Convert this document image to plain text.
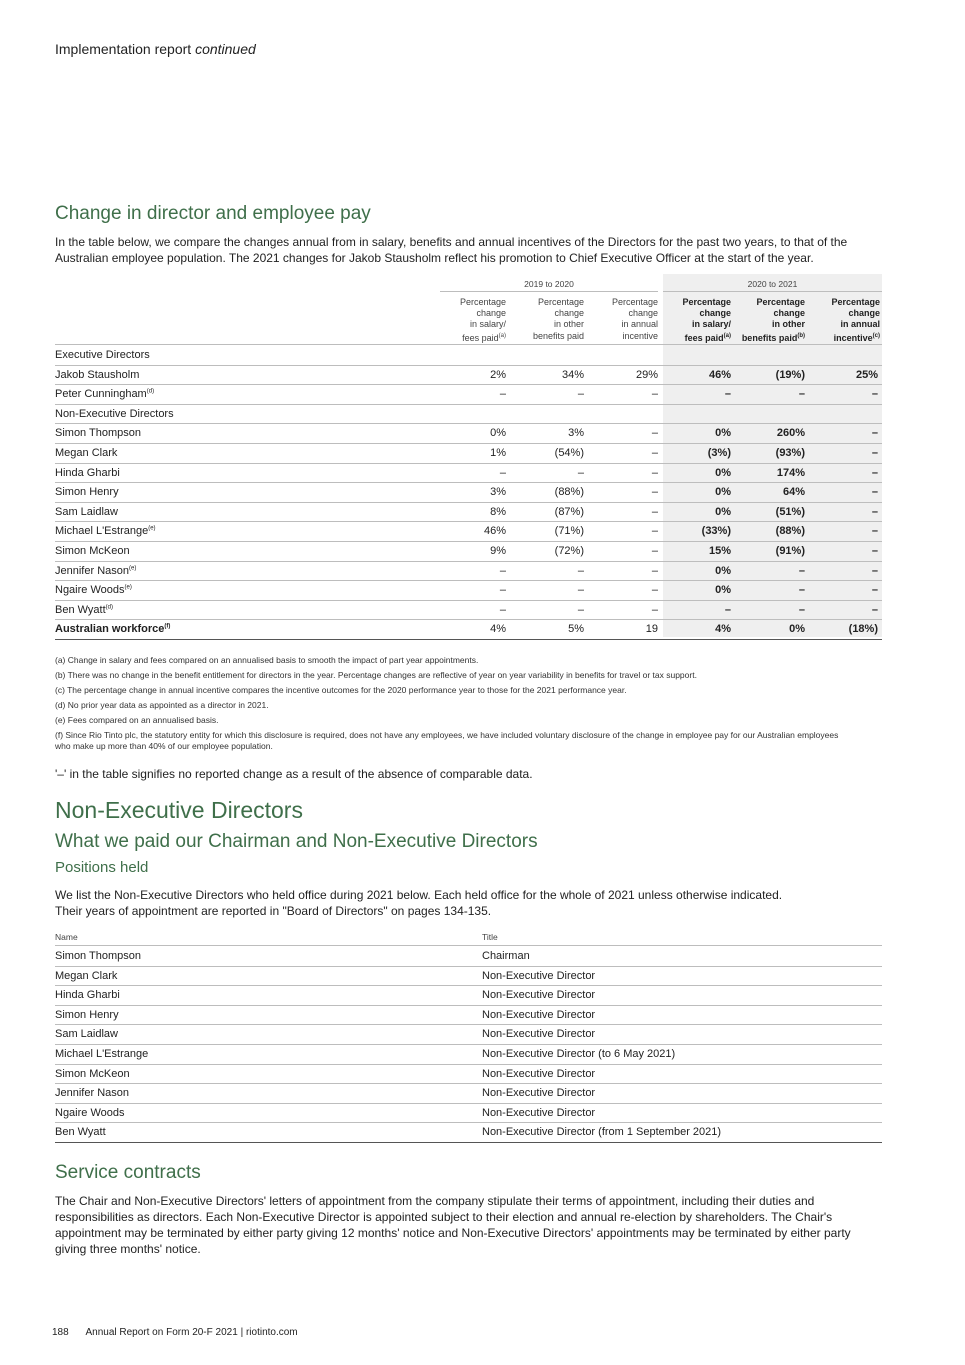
Implementation report continued
Change in director and employee pay
In the table below, we compare the changes annual from in salary, benefits and annual incentives of the Directors for the past two years, to that of the Australian employee population. The 2021 changes for Jakob Stausholm reflect his promotion to Chief Executive Officer at the start of the year.
2019 to 2020	2020 to 2021
Percentage
change
in salary/
fees paid$^{(a)}$
Percentage
change
in other
benefits paid
Percentage
change
in annual
incentive
Percentage
change
in salary/
fees paid$^{(a)}$
Percentage
change
in other
benefits paid$^{(b)}$
Percentage
change
in annual
incentive$^{(c)}$
Executive Directors
Jakob Stausholm	2%	34%	29%	46%	(19%)	25%
Peter Cunningham$^{(d)}$	–	–	–	–	–	–
Non-Executive Directors
Simon Thompson	0%	3%	–	0%	260%	–
Megan Clark	1%	(54%)	–	(3%)	(93%)	–
Hinda Gharbi	–	–	–	0%	174%	–
Simon Henry	3%	(88%)	–	0%	64%	–
Sam Laidlaw	8%	(87%)	–	0%	(51%)	–
Michael L'Estrange$^{(e)}$	46%	(71%)	–	(33%)	(88%)	–
Simon McKeon	9%	(72%)	–	15%	(91%)	–
Jennifer Nason$^{(e)}$	–	–	–	0%	–	–
Ngaire Woods$^{(e)}$	–	–	–	0%	–	–
Ben Wyatt$^{(d)}$	–	–	–	–	–	–
Australian workforce$^{(f)}$	4%	5%	19	4%	0%	(18%)
(a) Change in salary and fees compared on an annualised basis to smooth the impact of part year appointments.
(b) There was no change in the benefit entitlement for directors in the year. Percentage changes are reflective of year on year variability in benefits for travel or tax support.
(c) The percentage change in annual incentive compares the incentive outcomes for the 2020 performance year to those for the 2021 performance year.
(d) No prior year data as appointed as a director in 2021.
(e) Fees compared on an annualised basis.
(f) Since Rio Tinto plc, the statutory entity for which this disclosure is required, does not have any employees, we have included voluntary disclosure of the change in employee pay for our Australian employees who make up more than 40% of our employee population.
'–' in the table signifies no reported change as a result of the absence of comparable data.
Non-Executive Directors
What we paid our Chairman and Non-Executive Directors
Positions held
We list the Non-Executive Directors who held office during 2021 below. Each held office for the whole of 2021 unless otherwise indicated.
Their years of appointment are reported in "Board of Directors" on pages 134-135.
Name	Title
Simon Thompson	Chairman
Megan Clark	Non-Executive Director
Hinda Gharbi	Non-Executive Director
Simon Henry	Non-Executive Director
Sam Laidlaw	Non-Executive Director
Michael L'Estrange	Non-Executive Director (to 6 May 2021)
Simon McKeon	Non-Executive Director
Jennifer Nason	Non-Executive Director
Ngaire Woods	Non-Executive Director
Ben Wyatt	Non-Executive Director (from 1 September 2021)
Service contracts
The Chair and Non-Executive Directors' letters of appointment from the company stipulate their terms of appointment, including their duties and responsibilities as directors. Each Non-Executive Director is appointed subject to their election and annual re-election by shareholders. The Chair's appointment may be terminated by either party giving 12 months' notice and Non-Executive Directors' appointments may be terminated by either party giving three months' notice.
188 Annual Report on Form 20-F 2021 | riotinto.com
